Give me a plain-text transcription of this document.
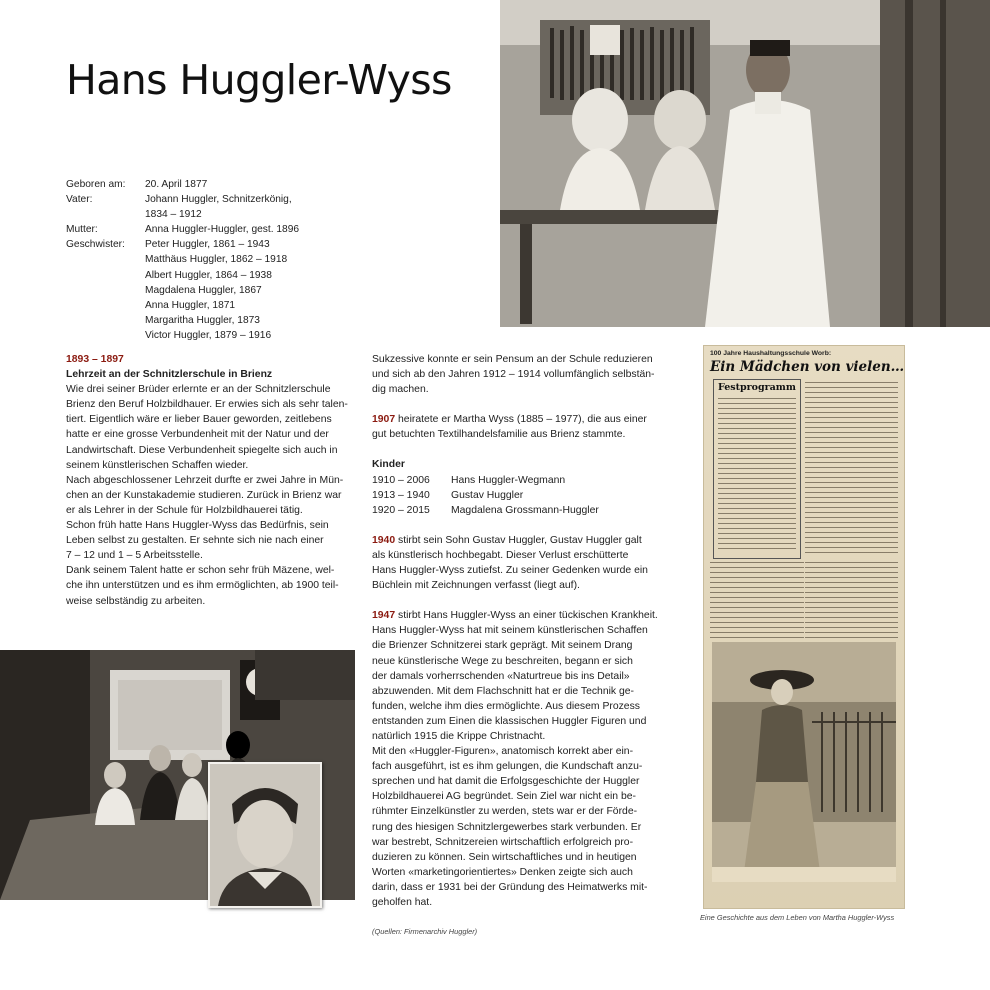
Hans Huggler-Wyss
Geboren am:	20. April 1877
Vater:	Johann Huggler, Schnitzerkönig,
1834 – 1912
Mutter:	Anna Huggler-Huggler, gest. 1896
Geschwister:	Peter Huggler, 1861 – 1943
Matthäus Huggler, 1862 – 1918
Albert Huggler, 1864 – 1938
Magdalena Huggler, 1867
Anna Huggler, 1871
Margaritha Huggler, 1873
Victor Huggler, 1879 – 1916
1893 – 1897
Lehrzeit an der Schnitzlerschule in Brienz
Wie drei seiner Brüder erlernte er an der Schnitzlerschule
Brienz den Beruf Holzbildhauer. Er erwies sich als sehr talen-
tiert. Eigentlich wäre er lieber Bauer geworden, zeitlebens
hatte er eine grosse Verbundenheit mit der Natur und der
Landwirtschaft. Diese Verbundenheit spiegelte sich auch in
seinem künstlerischen Schaffen wieder.
Nach abgeschlossener Lehrzeit durfte er zwei Jahre in Mün-
chen an der Kunstakademie studieren. Zurück in Brienz war
er als Lehrer in der Schule für Holzbildhauerei tätig.
Schon früh hatte Hans Huggler-Wyss das Bedürfnis, sein
Leben selbst zu gestalten. Er sehnte sich nie nach einer
7 – 12 und 1 – 5 Arbeitsstelle.
Dank seinem Talent hatte er schon sehr früh Mäzene, wel-
che ihn unterstützen und es ihm ermöglichten, ab 1900 teil-
weise selbständig zu arbeiten.
Sukzessive konnte er sein Pensum an der Schule reduzieren
und sich ab den Jahren 1912 – 1914 vollumfänglich selbstän-
dig machen.
1907 heiratete er Martha Wyss (1885 – 1977), die aus einer
gut betuchten Textilhandelsfamilie aus Brienz stammte.
Kinder
1910 – 2006	Hans Huggler-Wegmann
1913 – 1940	Gustav Huggler
1920 – 2015	Magdalena Grossmann-Huggler
1940 stirbt sein Sohn Gustav Huggler, Gustav Huggler galt
als künstlerisch hochbegabt. Dieser Verlust erschütterte
Hans Huggler-Wyss zutiefst. Zu seiner Gedenken wurde ein
Büchlein mit Zeichnungen verfasst (liegt auf).
1947 stirbt Hans Huggler-Wyss an einer tückischen Krankheit.
Hans Huggler-Wyss hat mit seinem künstlerischen Schaffen
die Brienzer Schnitzerei stark geprägt. Mit seinem Drang
neue künstlerische Wege zu beschreiten, begann er sich
der damals vorherrschenden «Naturtreue bis ins Detail»
abzuwenden. Mit dem Flachschnitt hat er die Technik ge-
funden, welche ihm dies ermöglichte. Aus diesem Prozess
entstanden zum Einen die klassischen Huggler Figuren und
natürlich 1915 die Krippe Christnacht.
Mit den «Huggler-Figuren», anatomisch korrekt aber ein-
fach ausgeführt, ist es ihm gelungen, die Kundschaft anzu-
sprechen und hat damit die Erfolgsgeschichte der Huggler
Holzbildhauerei AG begründet. Sein Ziel war nicht ein be-
rühmter Einzelkünstler zu werden, stets war er der Förde-
rung des hiesigen Schnitzlergewerbes stark verbunden. Er
war bestrebt, Schnitzereien wirtschaftlich erfolgreich pro-
duzieren zu können. Sein wirtschaftliches und in heutigen
Worten «marketingorientiertes» Denken zeigte sich auch
darin, dass er 1931 bei der Gründung des Heimatwerks mit-
geholfen hat.
(Quellen: Firmenarchiv Huggler)
100 Jahre Haushaltungsschule Worb:
Ein Mädchen von vielen…
Festprogramm
Eine Geschichte aus dem Leben von Martha Huggler-Wyss
